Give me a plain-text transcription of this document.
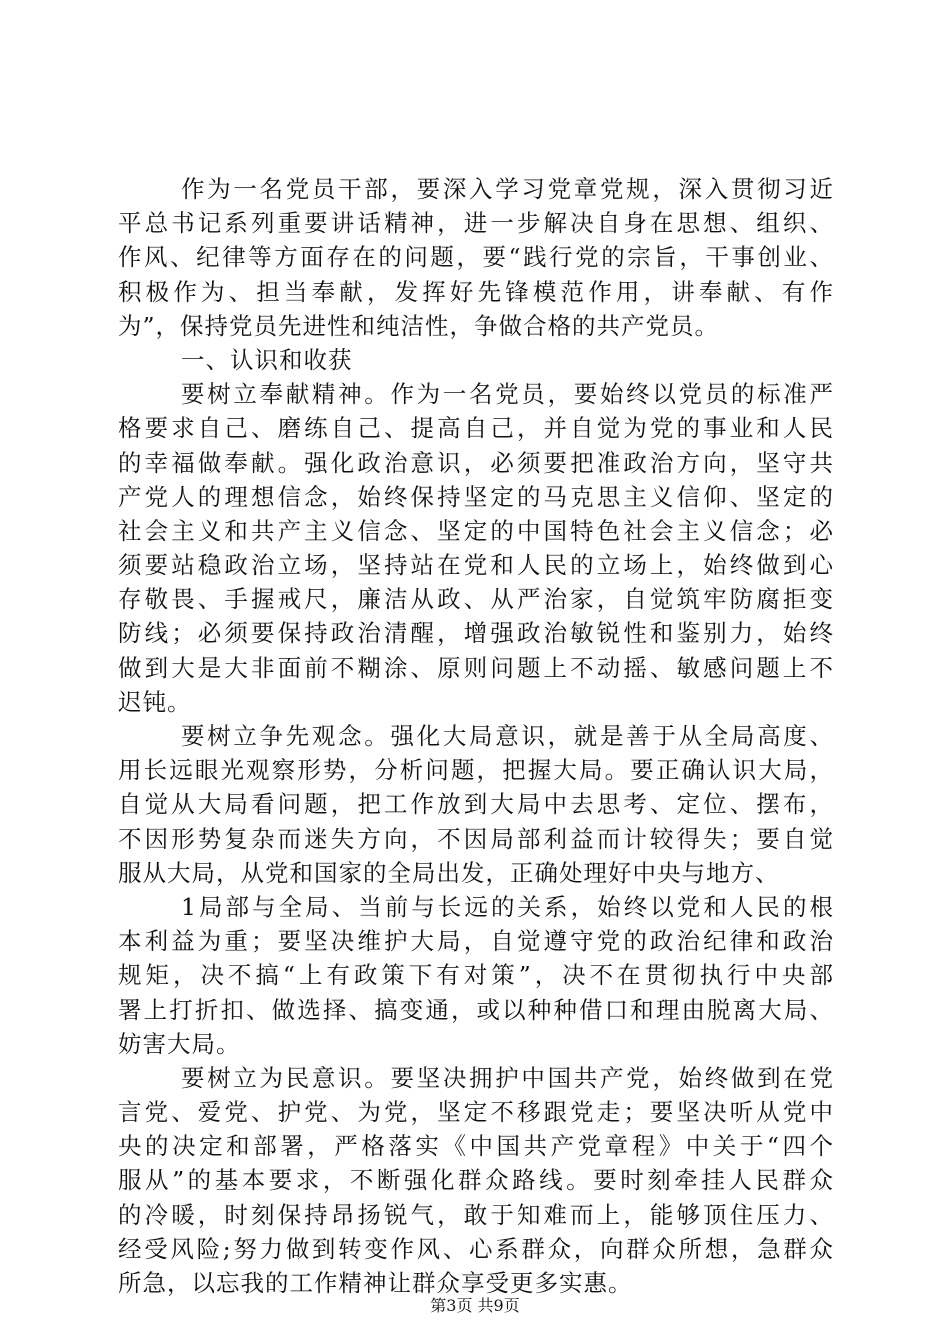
作为一名党员干部，要深入学习党章党规，深入贯彻习近
平总书记系列重要讲话精神，进一步解决自身在思想、组织、
作风、纪律等方面存在的问题，要“践行党的宗旨，干事创业、
积极作为、担当奉献，发挥好先锋模范作用，讲奉献、有作
为”，保持党员先进性和纯洁性，争做合格的共产党员。
一、认识和收获
要树立奉献精神。作为一名党员，要始终以党员的标准严
格要求自己、磨练自己、提高自己，并自觉为党的事业和人民
的幸福做奉献。强化政治意识，必须要把准政治方向，坚守共
产党人的理想信念，始终保持坚定的马克思主义信仰、坚定的
社会主义和共产主义信念、坚定的中国特色社会主义信念；必
须要站稳政治立场，坚持站在党和人民的立场上，始终做到心
存敬畏、手握戒尺，廉洁从政、从严治家，自觉筑牢防腐拒变
防线；必须要保持政治清醒，增强政治敏锐性和鉴别力，始终
做到大是大非面前不糊涂、原则问题上不动摇、敏感问题上不
迟钝。
要树立争先观念。强化大局意识，就是善于从全局高度、
用长远眼光观察形势，分析问题，把握大局。要正确认识大局，
自觉从大局看问题，把工作放到大局中去思考、定位、摆布，
不因形势复杂而迷失方向，不因局部利益而计较得失；要自觉
服从大局，从党和国家的全局出发，正确处理好中央与地方、
1局部与全局、当前与长远的关系，始终以党和人民的根
本利益为重；要坚决维护大局，自觉遵守党的政治纪律和政治
规矩，决不搞“上有政策下有对策”，决不在贯彻执行中央部
署上打折扣、做选择、搞变通，或以种种借口和理由脱离大局、
妨害大局。
要树立为民意识。要坚决拥护中国共产党，始终做到在党
言党、爱党、护党、为党，坚定不移跟党走；要坚决听从党中
央的决定和部署，严格落实《中国共产党章程》中关于“四个
服从”的基本要求，不断强化群众路线。要时刻牵挂人民群众
的冷暖，时刻保持昂扬锐气，敢于知难而上，能够顶住压力、
经受风险;努力做到转变作风、心系群众，向群众所想，急群众
所急，以忘我的工作精神让群众享受更多实惠。
第3页 共9页
